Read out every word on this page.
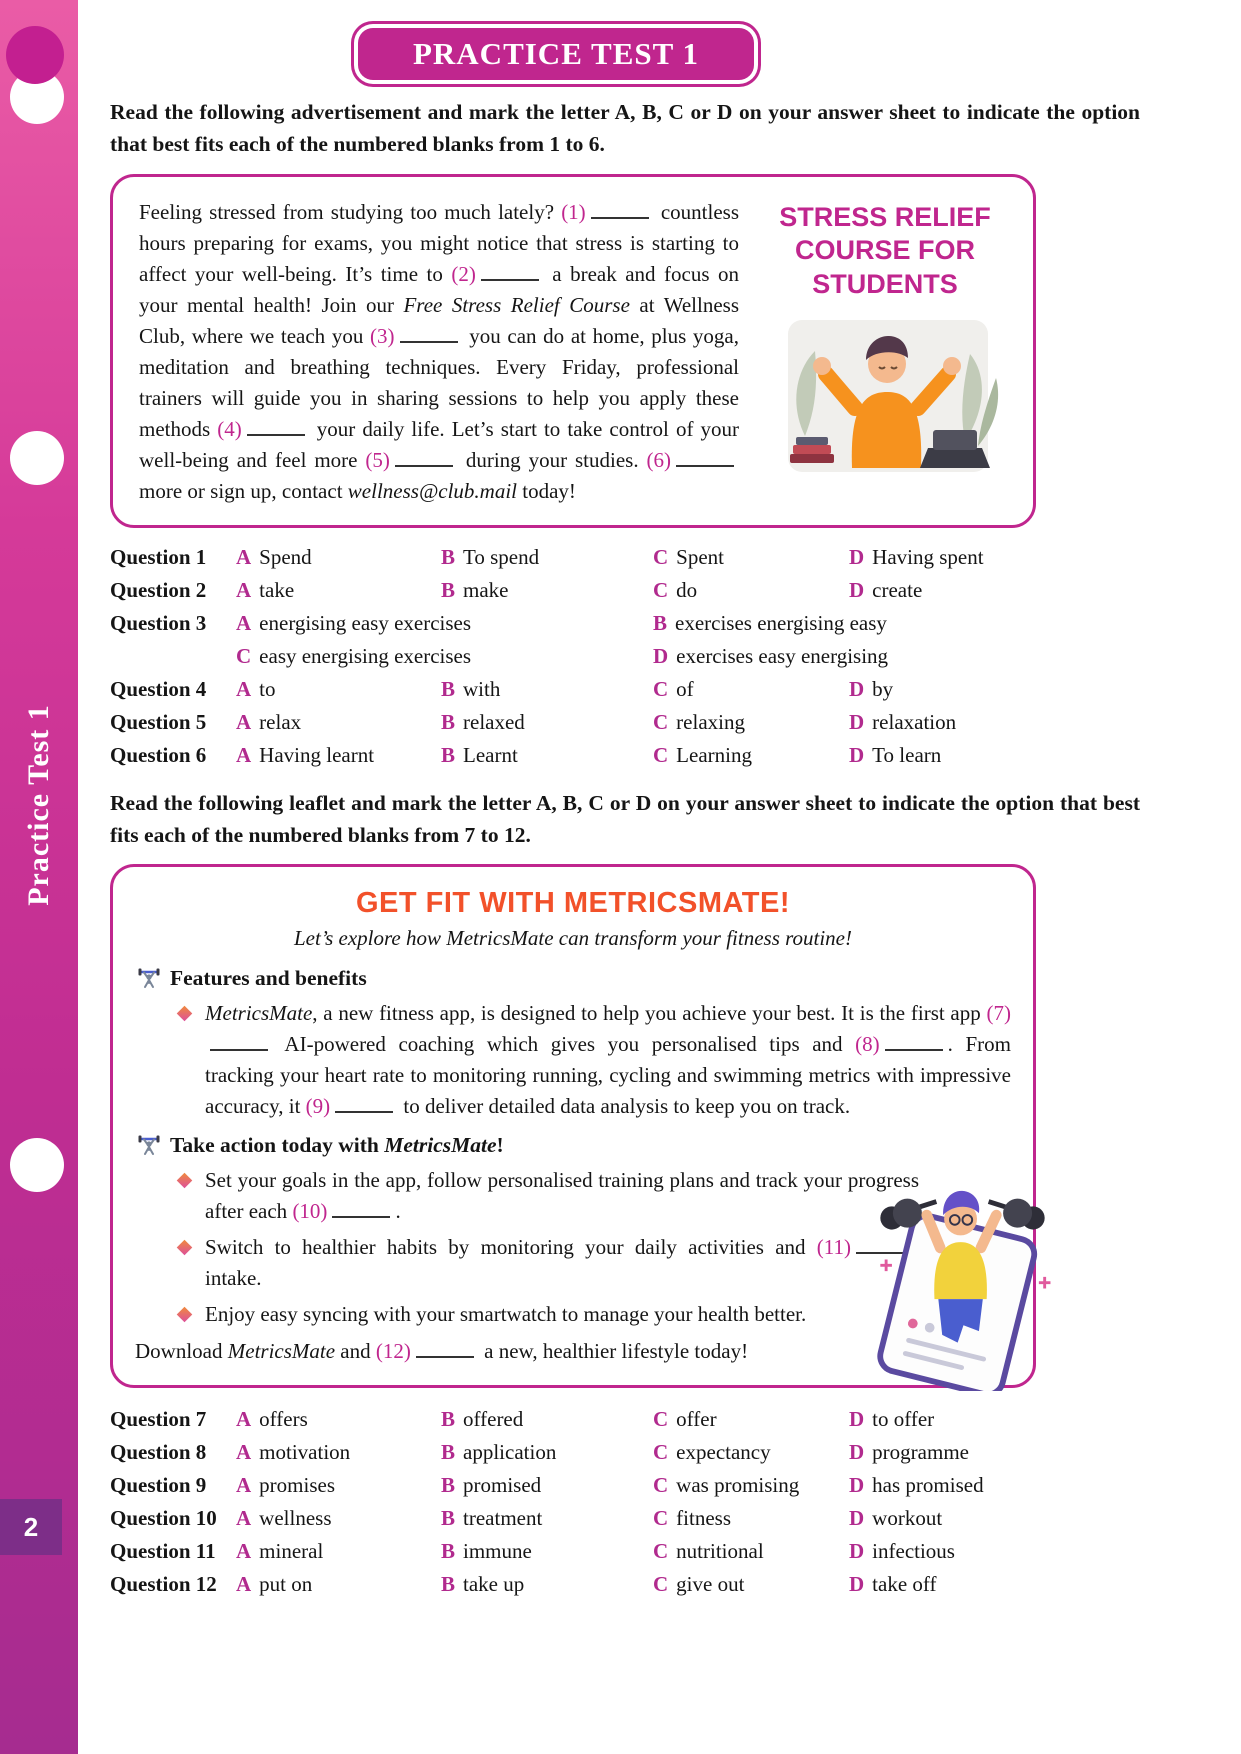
Practice Test 1
2
PRACTICE TEST 1

Read the following advertisement and mark the letter A, B, C or D on your answer sheet to indicate the option that best fits each of the numbered blanks from 1 to 6.

Feeling stressed from studying too much lately? (1)	countless hours preparing for exams, you might notice that stress is starting to affect your well-being. It’s time to (2)	a break and focus on your mental health! Join our Free Stress Relief Course at Wellness Club, where we teach you (3)	you can do at home, plus yoga, meditation and breathing techniques. Every Friday, professional trainers will guide you in sharing sessions to help you apply these methods (4)	your daily life. Let’s start to take control of your well-being and feel more (5)	during your studies. (6) more or sign up, contact wellness@club.mail today!
STRESS RELIEF COURSE FOR STUDENTS
Question 1	A Spend	B To spend	C Spent	D Having spent
Question 2	A take	B make	C do	D create
Question 3	A energising easy exercises	B exercises energising easy
C easy energising exercises	D exercises easy energising
Question 4	A to	B with	C of	D by
Question 5	A relax	B relaxed	C relaxing	D relaxation
Question 6	A Having learnt	B Learnt	C Learning	D To learn

Read the following leaflet and mark the letter A, B, C or D on your answer sheet to indicate the option that best fits each of the numbered blanks from 7 to 12.

GET FIT WITH METRICSMATE!
Let’s explore how MetricsMate can transform your fitness routine!
Features and benefits
MetricsMate, a new fitness app, is designed to help you achieve your best. It is the first app (7) AI-powered coaching which gives you personalised tips and (8)	. From tracking your heart rate to monitoring running, cycling and swimming metrics with impressive accuracy, it (9)	to deliver detailed data analysis to keep you on track.
Take action today with MetricsMate!
Set your goals in the app, follow personalised training plans and track your progress after each (10)	.
Switch to healthier habits by monitoring your daily activities and (11) intake.
Enjoy easy syncing with your smartwatch to manage your health better.
Download MetricsMate and (12)	a new, healthier lifestyle today!
Question 7	A offers	B offered	C offer	D to offer
Question 8	A motivation	B application	C expectancy	D programme
Question 9	A promises	B promised	C was promising	D has promised
Question 10 A wellness	B treatment	C fitness	D workout
Question 11 A mineral	B immune	C nutritional	D infectious
Question 12 A put on	B take up	C give out	D take off
